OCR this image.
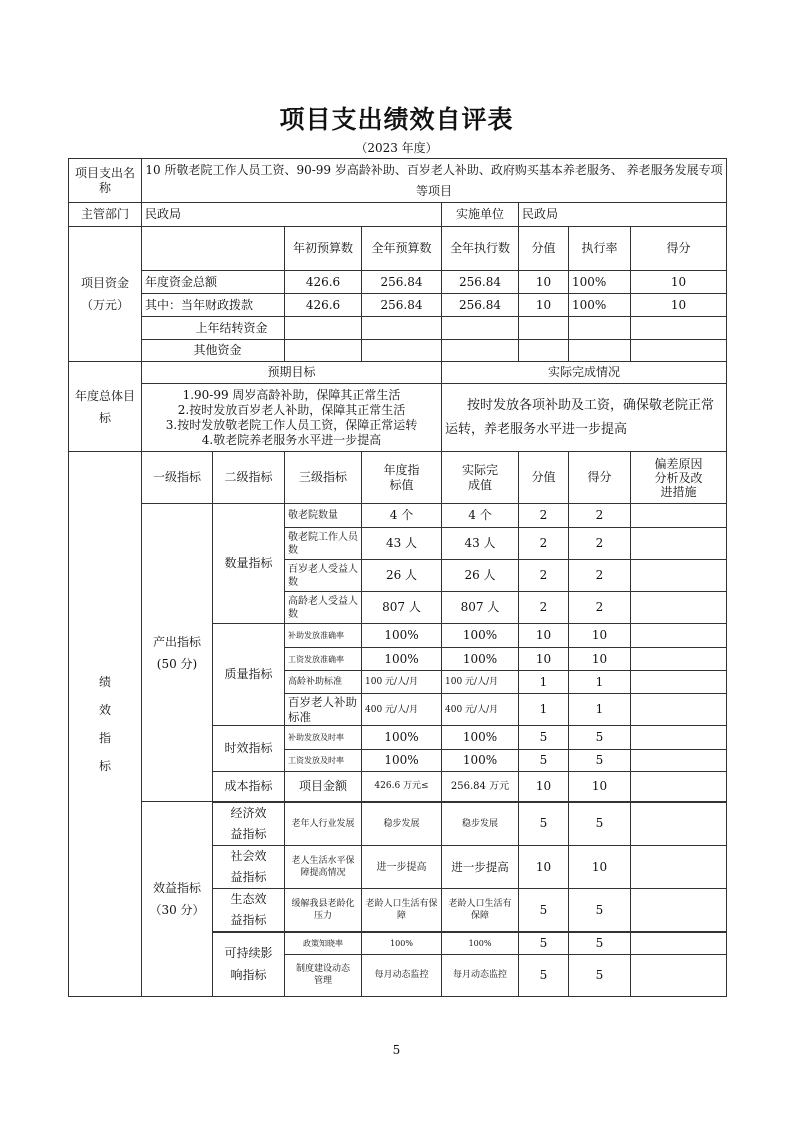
项目支出绩效自评表
（2023 年度）
项目支出名称	10 所敬老院工作人员工资、90-99 岁高龄补助、百岁老人补助、政府购买基本养老服务、 养老服务发展专项等项目							
主管部门	民政局				实施单位	民政局		
项目资金（万元）			年初预算数	全年预算数	全年执行数	分值	执行率	得分
	年度资金总额		426.6	256.84	256.84	10	100%	10
	其中：当年财政拨款		426.6	256.84	256.84	10	100%	10
	上年结转资金							
	其他资金							
年度总体目标	预期目标				实际完成情况			

	1.90-99 周岁高龄补助，保障其正常生活
2.按时发放百岁老人补助，保障其正常生活
3.按时发放敬老院工作人员工资，保障正常运转
4.敬老院养老服务水平进一步提高				按时发放各项补助及工资，确保敬老院正常运转，养老服务水平进一步提高			

绩效指标	一级指标	二级指标	三级指标	年度指标值	实际完成值	分值	得分	偏差原因分析及改进措施

	产出指标
(50 分)	数量指标	敬老院数量	4 个	4 个	2	2	
			敬老院工作人员数	43 人	43 人	2	2	
			百岁老人受益人数	26 人	26 人	2	2	
			高龄老人受益人数	807 人	807 人	2	2	
		质量指标	补助发放准确率	100%	100%	10	10	
			工资发放准确率	100%	100%	10	10	
			高龄补助标准	100 元/人/月	100 元/人/月	1	1	
			百岁老人补助标准	400 元/人/月	400 元/人/月	1	1	
		时效指标	补助发放及时率	100%	100%	5	5	
			工资发放及时率	100%	100%	5	5	
		成本指标	项目金额	426.6 万元≤	256.84 万元	10	10	

	效益指标
（30 分）	经济效益指标	老年人行业发展	稳步发展	稳步发展	5	5	
		社会效益指标	老人生活水平保障提高情况	进一步提高	进一步提高	10	10	
		生态效益指标	缓解我县老龄化压力	老龄人口生活有保障	老龄人口生活有保障	5	5	
		可持续影响指标	政策知晓率	100%	100%	5	5	
			制度建设动态管理	每月动态监控	每月动态监控	5	5	
5
